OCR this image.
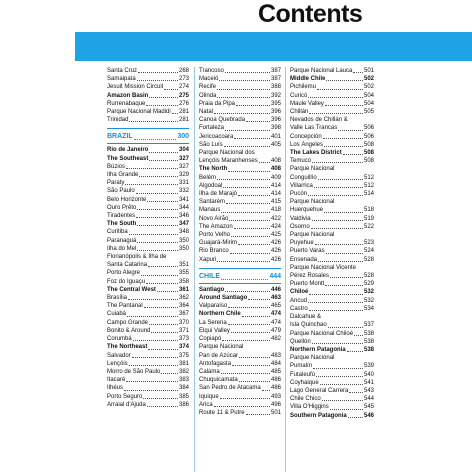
Contents
Santa Cruz	268
Samaipata	273
Jesuit Mission Circuit	274
Amazon Basin	275
Rurrenabaque	276
Parque Nacional Madidi 281
Trinidad	281
BRAZIL	300
Rio de Janeiro	304
The Southeast	327
Búzios	327
Ilha Grande	329
Paraty	331
São Paulo	332
Belo Horizonte	341
Ouro Prêto	344
Tiradentes	346
The South	347
Curitiba	348
Paranaguá	350
Ilha do Mel	350
Florianópolis & Ilha de
Santa Catarina	351
Porto Alegre	355
Foz do Iguaçu	358
The Central West	361
Brasília	362
The Pantanal	364
Cuiabá	367
Campo Grande	370
Bonito & Around	371
Corumbá	373
The Northeast	374
Salvador	375
Lençóis	381
Morro de São Paulo	382
Itacaré	383
Ilhéus	384
Porto Seguro	385
Arraial d'Ajuda	386
Trancoso	387
Maceió	387
Recife	388
Olinda	392
Praia da Pipa	395
Natal	396
Canoa Quebrada	396
Fortaleza	398
Jericoacoara	401
São Luís	405
Parque Nacional dos
Lençóis Maranhenses 408
The North	408
Belém	409
Algodoal	414
Ilha de Marajó	414
Santarém	415
Manaus	418
Novo Airão	422
The Amazon	424
Porto Velho	425
Guajará-Mirim	426
Rio Branco	426
Xapuri	426
CHILE	444
Santiago	446
Around Santiago	463
Valparaíso	465
Northern Chile	474
La Serena	474
Elqui Valley	479
Copiapó	482
Parque Nacional
Pan de Azúcar	483
Antofagasta	484
Calama	485
Chuquicamata	486
San Pedro de Atacama 486
Iquique	493
Arica	496
Route 11 & Putre	501
Parque Nacional Lauca 501
Middle Chile	502
Pichilemu	502
Curicó	504
Maule Valley	504
Chillán	505
Nevados de Chillán &
Valle Las Trancas	506
Concepción	506
Los Ángeles	508
The Lakes District	508
Temuco	508
Parque Nacional
Conguillío	512
Villarrica	512
Pucón	514
Parque Nacional
Huerquehue	518
Valdivia	519
Osorno	522
Parque Nacional
Puyehue	523
Puerto Varas	524
Ensenada	528
Parque Nacional Vicente
Pérez Rosales	528
Puerto Montt	529
Chiloé	532
Ancud	532
Castro	534
Dalcahue &
Isla Quinchao	537
Parque Nacional Chiloé 538
Quellón	538
Northern Patagonia	538
Parque Nacional
Pumalín	539
Futaleufú	540
Coyhaique	541
Lago General Carrera	543
Chile Chico	544
Villa O'Higgins	545
Southern Patagonia	546
